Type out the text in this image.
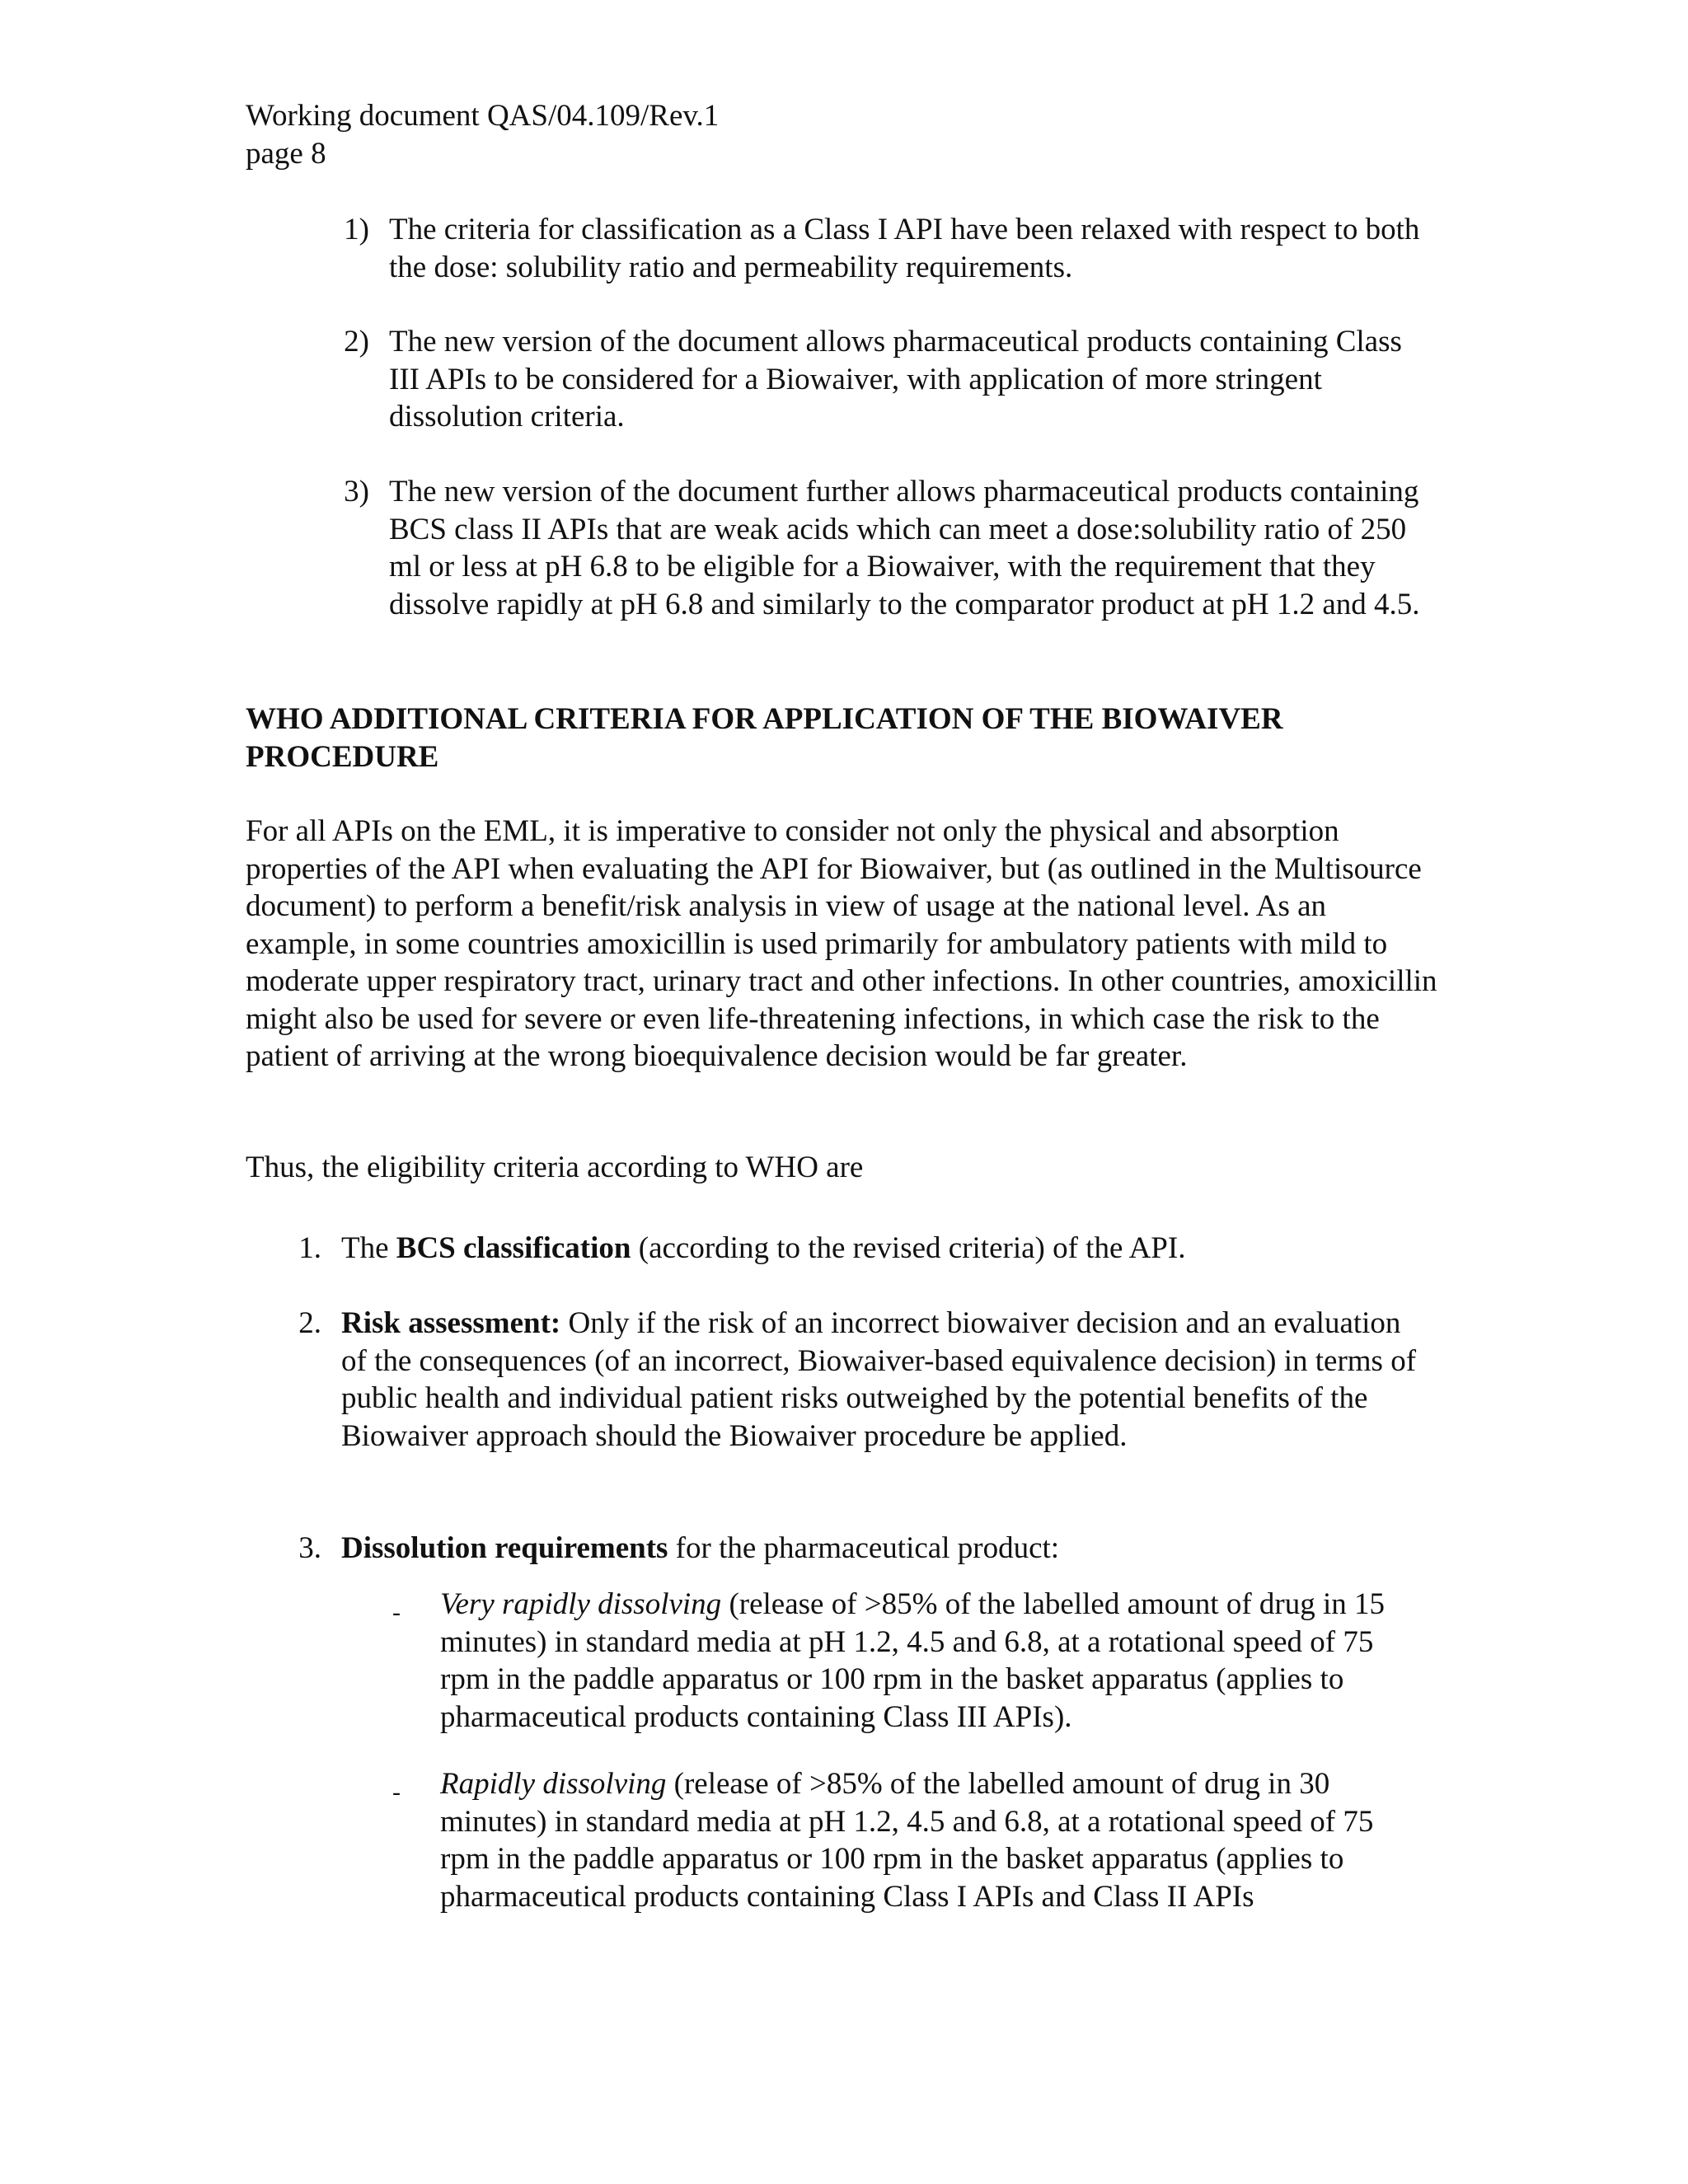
Working document QAS/04.109/Rev.1
page 8
1) The criteria for classification as a Class I API have been relaxed with respect to both the dose: solubility ratio and permeability requirements.
2) The new version of the document allows pharmaceutical products containing Class III APIs to be considered for a Biowaiver, with application of more stringent dissolution criteria.
3) The new version of the document further allows pharmaceutical products containing BCS class II APIs that are weak acids which can meet a dose:solubility ratio of 250 ml or less at pH 6.8 to be eligible for a Biowaiver, with the requirement that they dissolve rapidly at pH 6.8 and similarly to the comparator product at pH 1.2 and 4.5.
WHO ADDITIONAL CRITERIA FOR APPLICATION OF THE BIOWAIVER PROCEDURE
For all APIs on the EML, it is imperative to consider not only the physical and absorption properties of the API when evaluating the API for Biowaiver, but (as outlined in the Multisource document) to perform a benefit/risk analysis in view of usage at the national level. As an example, in some countries amoxicillin is used primarily for ambulatory patients with mild to moderate upper respiratory tract, urinary tract and other infections. In other countries, amoxicillin might also be used for severe or even life-threatening infections, in which case the risk to the patient of arriving at the wrong bioequivalence decision would be far greater.
Thus, the eligibility criteria according to WHO are
1. The BCS classification (according to the revised criteria) of the API.
2. Risk assessment: Only if the risk of an incorrect biowaiver decision and an evaluation of the consequences (of an incorrect, Biowaiver-based equivalence decision) in terms of public health and individual patient risks outweighed by the potential benefits of the Biowaiver approach should the Biowaiver procedure be applied.
3. Dissolution requirements for the pharmaceutical product:
- Very rapidly dissolving (release of >85% of the labelled amount of drug in 15 minutes) in standard media at pH 1.2, 4.5 and 6.8, at a rotational speed of 75 rpm in the paddle apparatus or 100 rpm in the basket apparatus (applies to pharmaceutical products containing Class III APIs).
- Rapidly dissolving (release of >85% of the labelled amount of drug in 30 minutes) in standard media at pH 1.2, 4.5 and 6.8, at a rotational speed of 75 rpm in the paddle apparatus or 100 rpm in the basket apparatus (applies to pharmaceutical products containing Class I APIs and Class II APIs
